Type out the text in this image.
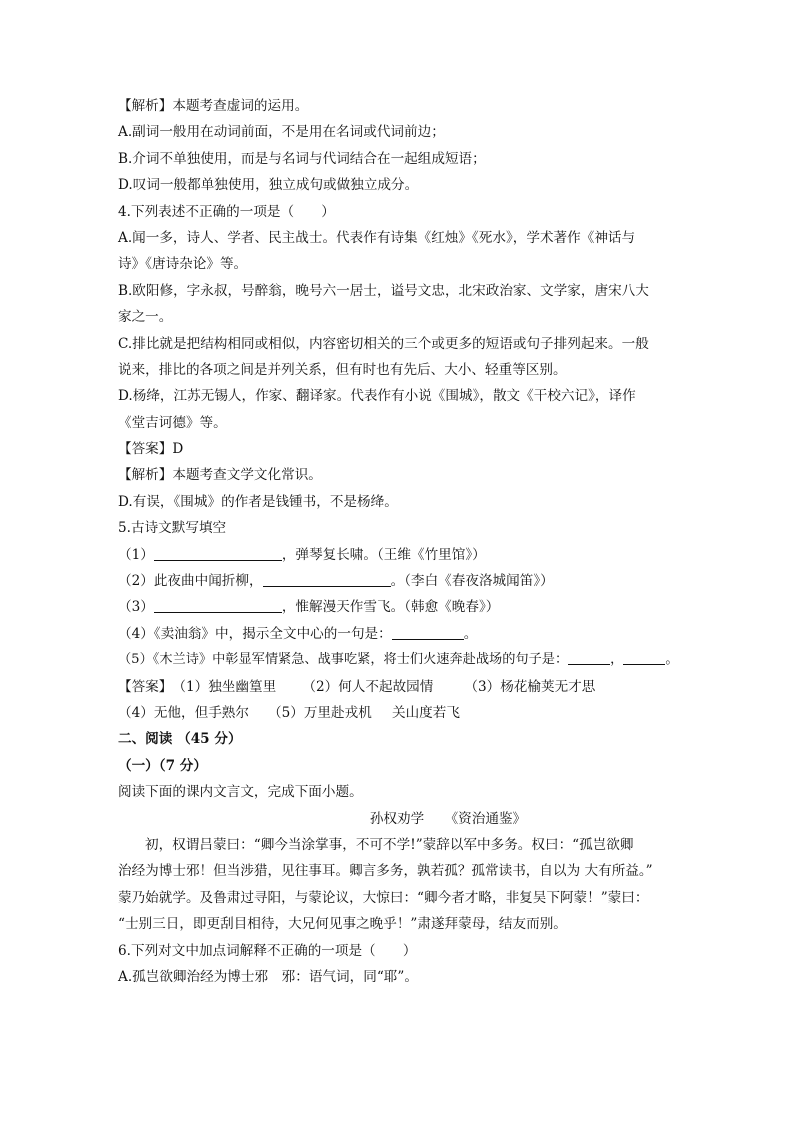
【解析】本题考查虚词的运用。
A.副词一般用在动词前面，不是用在名词或代词前边；
B.介词不单独使用，而是与名词与代词结合在一起组成短语；
D.叹词一般都单独使用，独立成句或做独立成分。
4.下列表述不正确的一项是（　　）
A.闻一多，诗人、学者、民主战士。代表作有诗集《红烛》《死水》，学术著作《神话与
诗》《唐诗杂论》等。
B.欧阳修，字永叔，号醉翁，晚号六一居士，谥号文忠，北宋政治家、文学家，唐宋八大
家之一。
C.排比就是把结构相同或相似，内容密切相关的三个或更多的短语或句子排列起来。一般
说来，排比的各项之间是并列关系，但有时也有先后、大小、轻重等区别。
D.杨绛，江苏无锡人，作家、翻译家。代表作有小说《围城》，散文《干校六记》，译作
《堂吉诃德》等。
【答案】D
【解析】本题考查文学文化常识。
D.有误，《围城》的作者是钱锺书，不是杨绛。
5.古诗文默写填空
（1）	，弹琴复长啸。（王维《竹里馆》）
（2）此夜曲中闻折柳，	。（李白《春夜洛城闻笛》）
（3）	，惟解漫天作雪飞。（韩愈《晚春》）
（4）《卖油翁》中，揭示全文中心的一句是：	。
（5）《木兰诗》中彰显军情紧急、战事吃紧，将士们火速奔赴战场的句子是：	，	。
【答案】（1）独坐幽篁里 （2）何人不起故园情 （3）杨花榆荚无才思
（4）无他，但手熟尔 （5）万里赴戎机 关山度若飞
二、阅读 （45 分）
（一）（7 分）
阅读下面的课内文言文，完成下面小题。
孙权劝学　　《资治通鉴》
初，权谓吕蒙曰：“卿今当涂掌事，不可不学!”蒙辞以军中多务。权曰：“孤岂欲卿
治经为博士邪！但当涉猎，见往事耳。卿言多务，孰若孤？孤常读书，自以为 大有所益。”
蒙乃始就学。及鲁肃过寻阳，与蒙论议，大惊曰：“卿今者才略，非复吴下阿蒙！”蒙曰：
“士别三日，即更刮目相待，大兄何见事之晚乎！”肃遂拜蒙母，结友而别。
6.下列对文中加点词解释不正确的一项是（　　）
A.孤岂欲卿治经为博士邪　邪：语气词，同“耶”。
